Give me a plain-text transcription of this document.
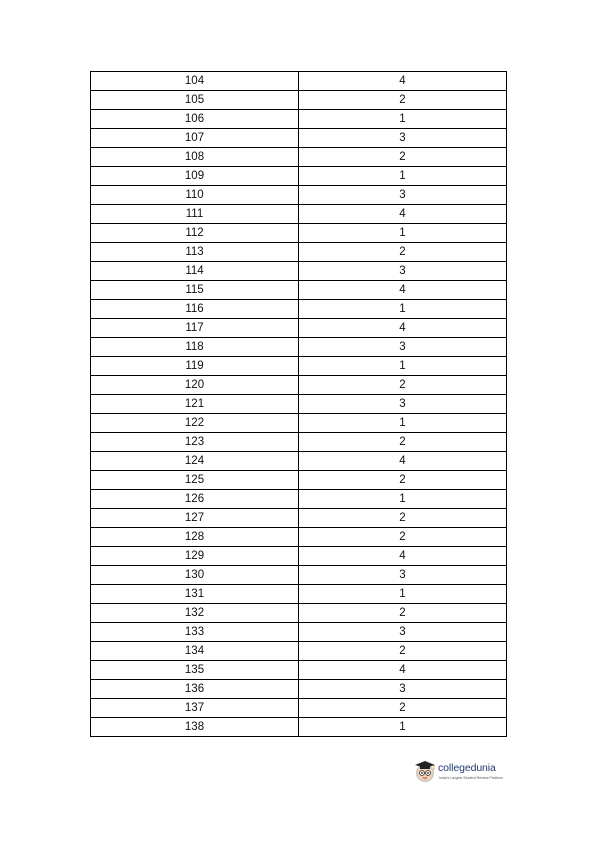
104	4
105	2
106	1
107	3
108	2
109	1
110	3
111	4
112	1
113	2
114	3
115	4
116	1
117	4
118	3
119	1
120	2
121	3
122	1
123	2
124	4
125	2
126	1
127	2
128	2
129	4
130	3
131	1
132	2
133	3
134	2
135	4
136	3
137	2
138	1
collegedunia
India's Largest Student Review Platform
